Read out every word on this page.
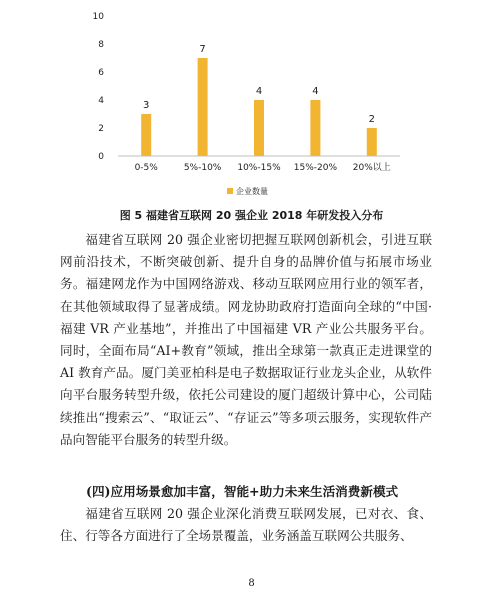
0
2
4
6
8
10
3
7
4	4
2
0-5%	5%-10% 10%-15% 15%-20% 20%以上
企业数量
图 5 福建省互联网 20 强企业 2018 年研发投入分布

福建省互联网 20 强企业密切把握互联网创新机会，引进互联网前沿技术，不断突破创新、提升自身的品牌价值与拓展市场业务。福建网龙作为中国网络游戏、移动互联网应用行业的领军者，在其他领域取得了显著成绩。网龙协助政府打造面向全球的“中国·福建 VR 产业基地”，并推出了中国福建 VR 产业公共服务平台。同时，全面布局“AI+教育”领域，推出全球第一款真正走进课堂的 AI 教育产品。厦门美亚柏科是电子数据取证行业龙头企业，从软件向平台服务转型升级，依托公司建设的厦门超级计算中心，公司陆续推出“搜索云”、“取证云”、“存证云”等多项云服务，实现软件产品向智能平台服务的转型升级。

(四)应用场景愈加丰富，智能+助力未来生活消费新模式

福建省互联网 20 强企业深化消费互联网发展，已对衣、食、住、行等各方面进行了全场景覆盖，业务涵盖互联网公共服务、

8
